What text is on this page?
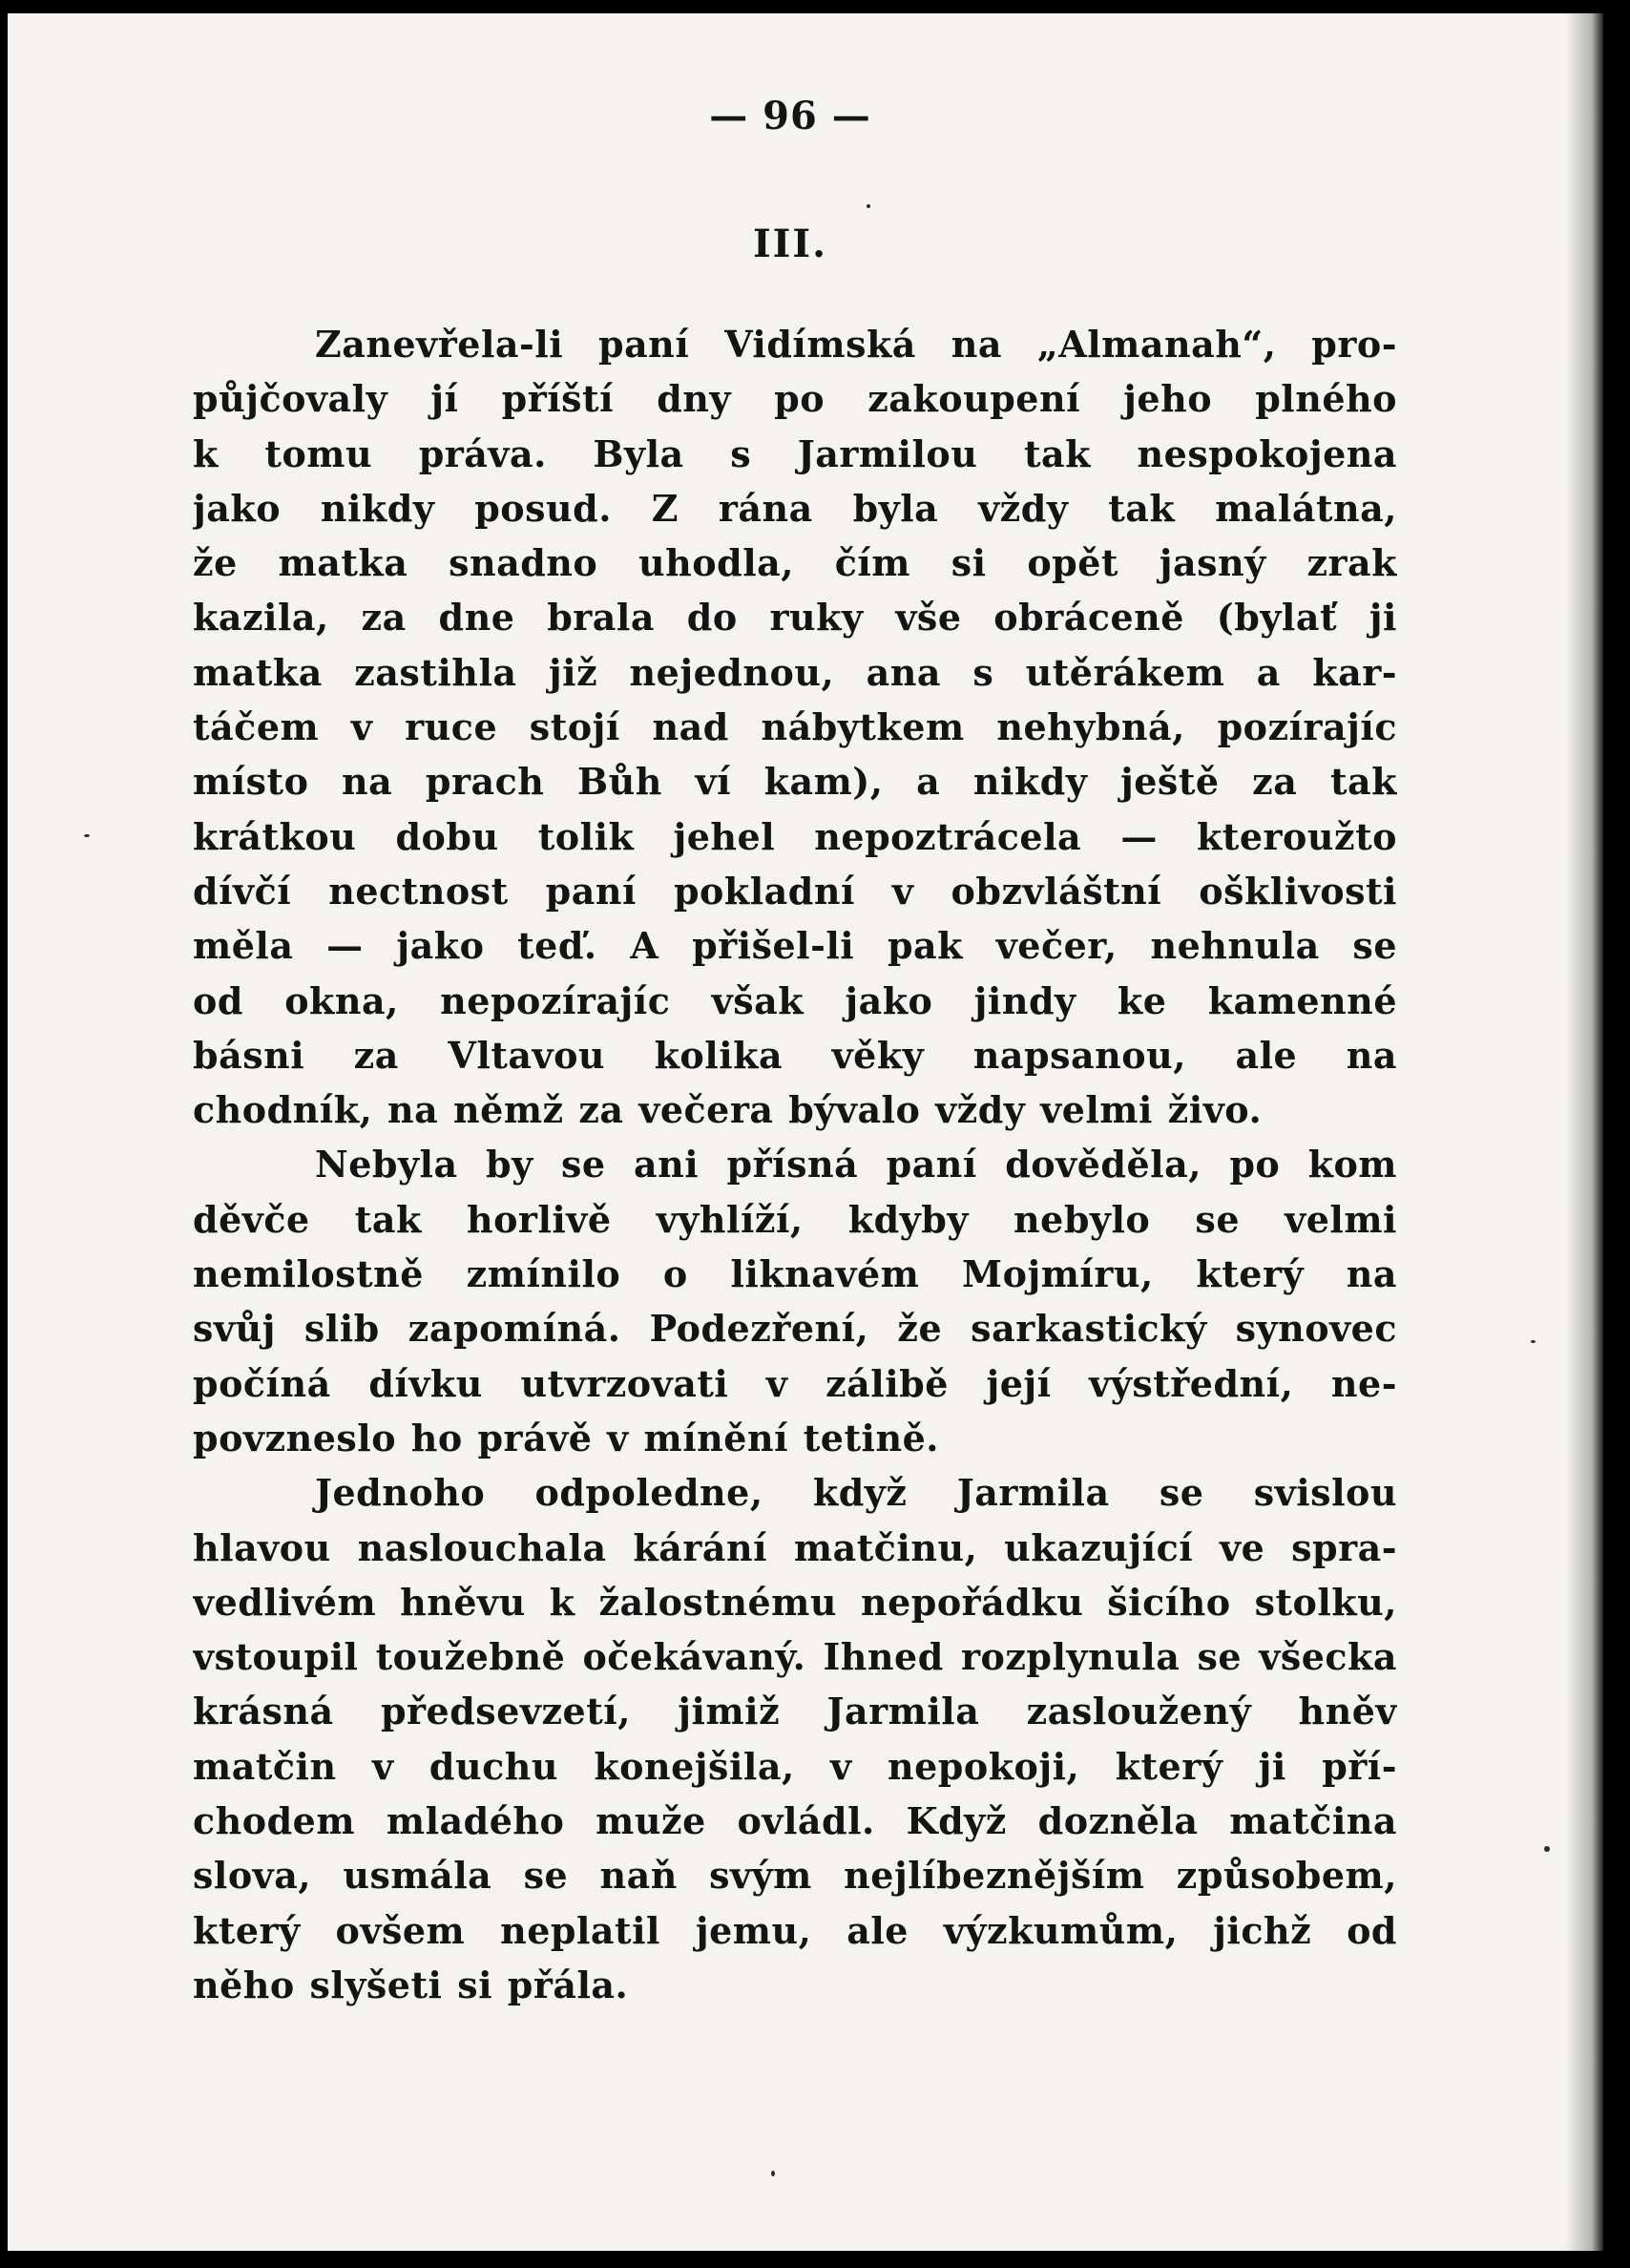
— 96 —
III.
Zanevřela-li paní Vidímská na „Almanah“, pro-
půjčovaly jí příští dny po zakoupení jeho plného
k tomu práva. Byla s Jarmilou tak nespokojena
jako nikdy posud. Z rána byla vždy tak malátna,
že matka snadno uhodla, čím si opět jasný zrak
kazila, za dne brala do ruky vše obráceně (bylať ji
matka zastihla již nejednou, ana s utěrákem a kar-
táčem v ruce stojí nad nábytkem nehybná, pozírajíc
místo na prach Bůh ví kam), a nikdy ještě za tak
krátkou dobu tolik jehel nepoztrácela — kteroužto
dívčí nectnost paní pokladní v obzvláštní ošklivosti
měla — jako teď. A přišel-li pak večer, nehnula se
od okna, nepozírajíc však jako jindy ke kamenné
básni za Vltavou kolika věky napsanou, ale na
chodník, na němž za večera bývalo vždy velmi živo.
Nebyla by se ani přísná paní dověděla, po kom
děvče tak horlivě vyhlíží, kdyby nebylo se velmi
nemilostně zmínilo o liknavém Mojmíru, který na
svůj slib zapomíná. Podezření, že sarkastický synovec
počíná dívku utvrzovati v zálibě její výstřední, ne-
povzneslo ho právě v mínění tetině.
Jednoho odpoledne, když Jarmila se svislou
hlavou naslouchala kárání matčinu, ukazující ve spra-
vedlivém hněvu k žalostnému nepořádku šicího stolku,
vstoupil toužebně očekávaný. Ihned rozplynula se všecka
krásná předsevzetí, jimiž Jarmila zasloužený hněv
matčin v duchu konejšila, v nepokoji, který ji pří-
chodem mladého muže ovládl. Když dozněla matčina
slova, usmála se naň svým nejlíbeznějším způsobem,
který ovšem neplatil jemu, ale výzkumům, jichž od
něho slyšeti si přála.
